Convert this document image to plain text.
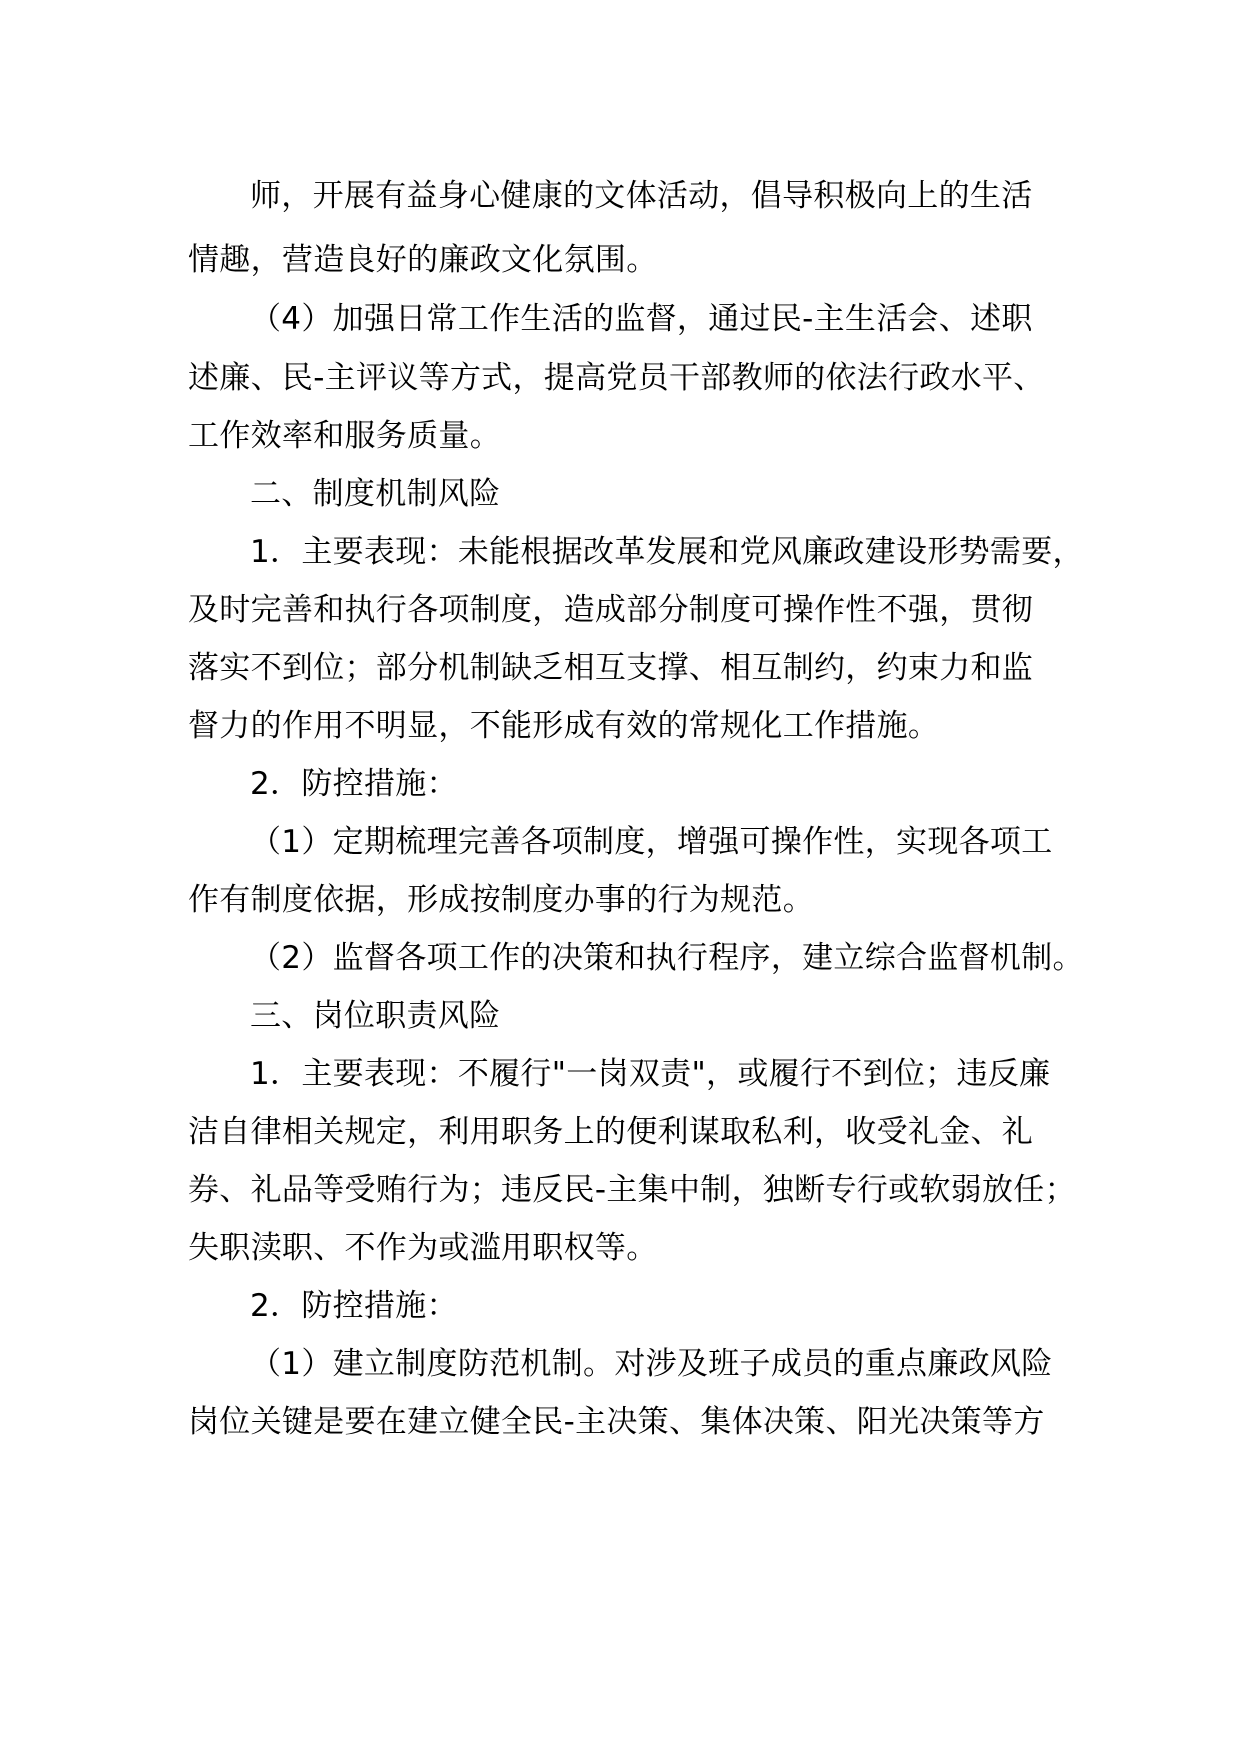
师，开展有益身心健康的文体活动，倡导积极向上的生活
情趣，营造良好的廉政文化氛围。
（4）加强日常工作生活的监督，通过民-主生活会、述职
述廉、民-主评议等方式，提高党员干部教师的依法行政水平、
工作效率和服务质量。
二、制度机制风险
1．主要表现：未能根据改革发展和党风廉政建设形势需要，
及时完善和执行各项制度，造成部分制度可操作性不强，贯彻
落实不到位；部分机制缺乏相互支撑、相互制约，约束力和监
督力的作用不明显，不能形成有效的常规化工作措施。
2．防控措施：
（1）定期梳理完善各项制度，增强可操作性，实现各项工
作有制度依据，形成按制度办事的行为规范。
（2）监督各项工作的决策和执行程序，建立综合监督机制。
三、岗位职责风险
1．主要表现：不履行"一岗双责"，或履行不到位；违反廉
洁自律相关规定，利用职务上的便利谋取私利，收受礼金、礼
券、礼品等受贿行为；违反民-主集中制，独断专行或软弱放任；
失职渎职、不作为或滥用职权等。
2．防控措施：
（1）建立制度防范机制。对涉及班子成员的重点廉政风险
岗位关键是要在建立健全民-主决策、集体决策、阳光决策等方
